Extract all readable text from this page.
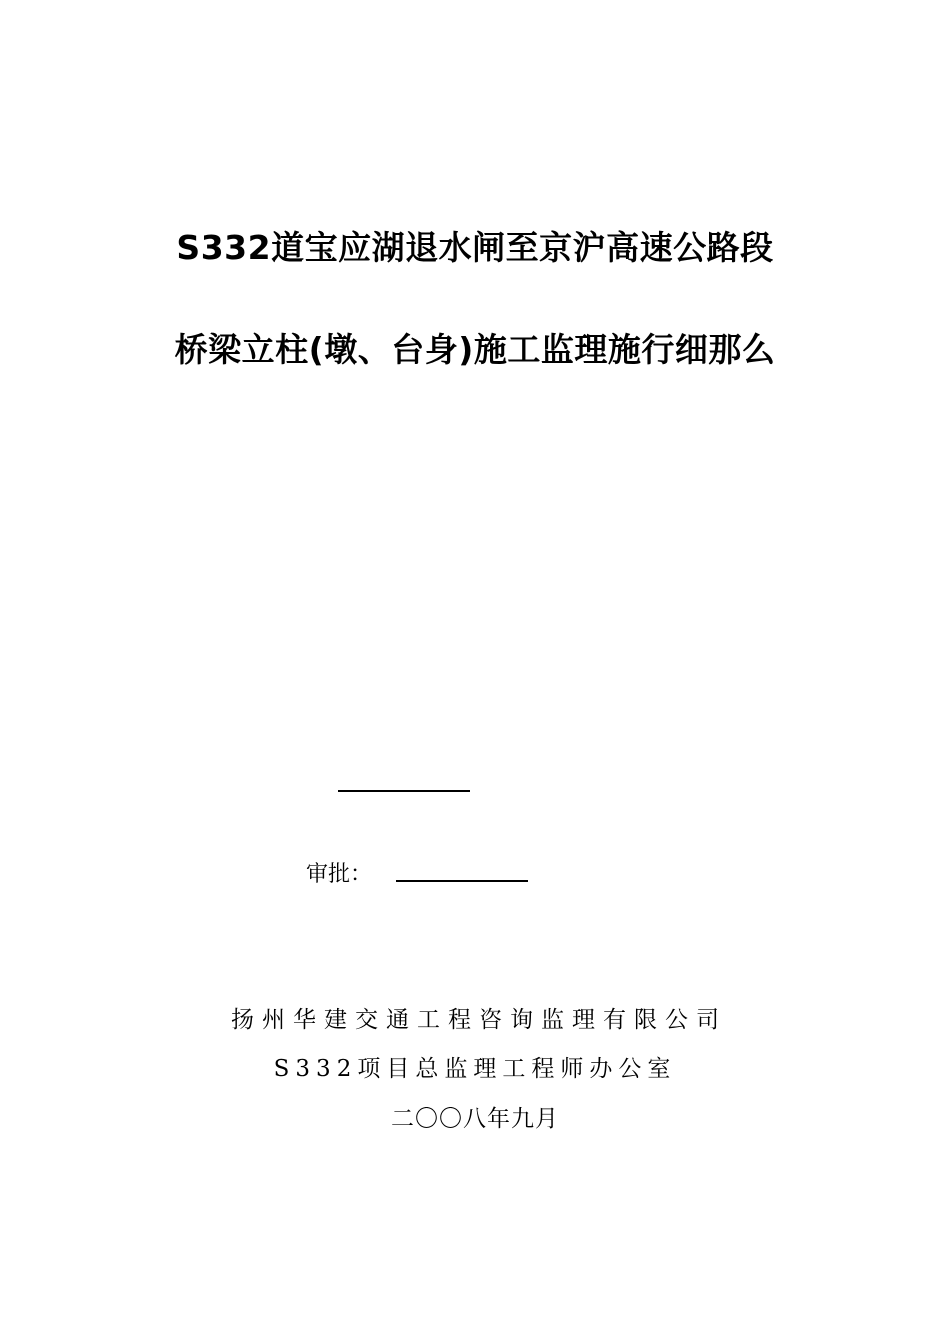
S332道宝应湖退水闸至京沪高速公路段
桥梁立柱(墩、台身)施工监理施行细那么
审批：
扬州华建交通工程咨询监理有限公司
S332项目总监理工程师办公室
二〇〇八年九月
